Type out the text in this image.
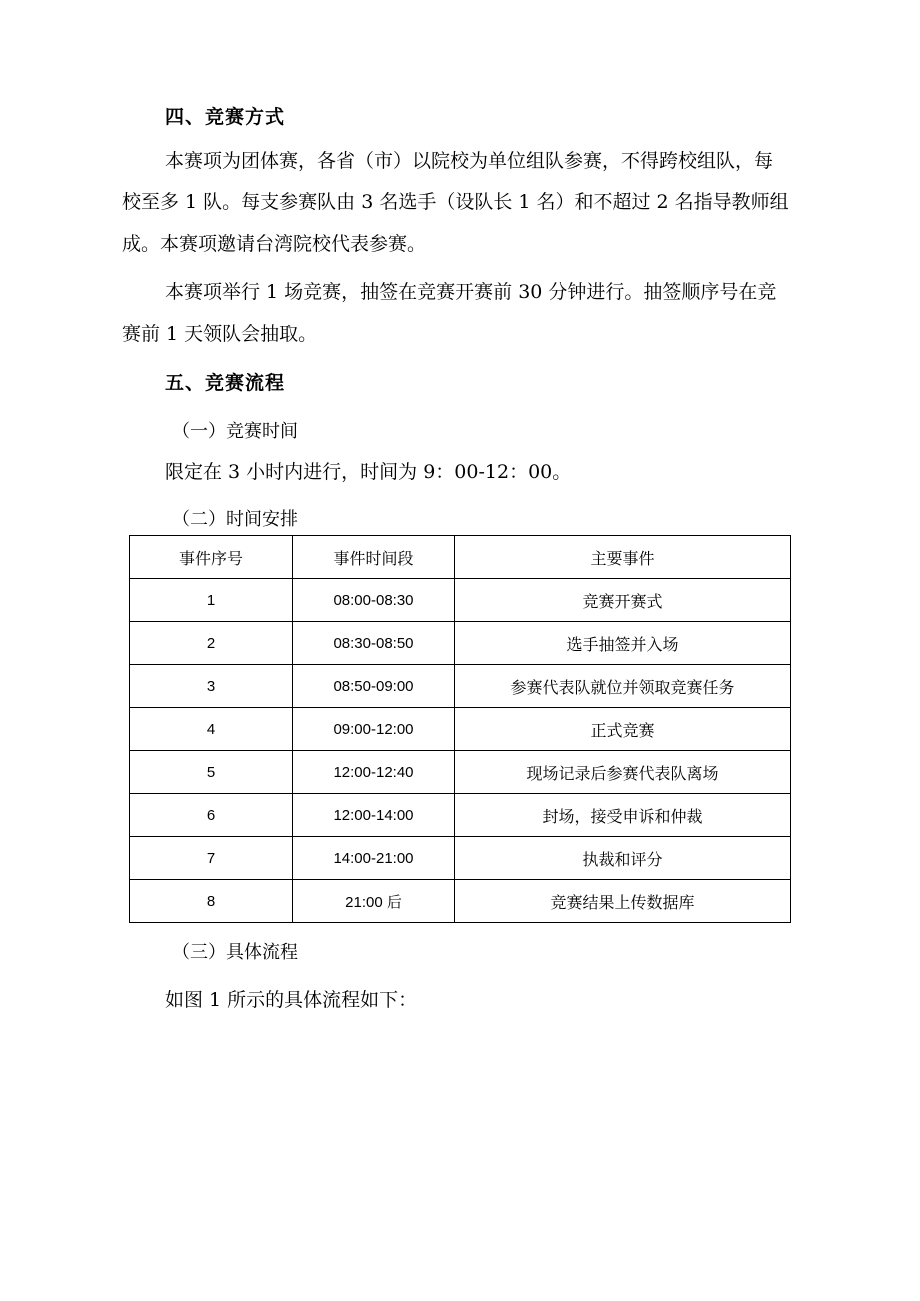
四、竞赛方式
本赛项为团体赛，各省（市）以院校为单位组队参赛，不得跨校组队，每
校至多 1 队。每支参赛队由 3 名选手（设队长 1 名）和不超过 2 名指导教师组
成。本赛项邀请台湾院校代表参赛。
本赛项举行 1 场竞赛，抽签在竞赛开赛前 30 分钟进行。抽签顺序号在竞
赛前 1 天领队会抽取。
五、竞赛流程
（一）竞赛时间
限定在 3 小时内进行，时间为 9：00-12：00。
（二）时间安排
事件序号	事件时间段	主要事件
1	08:00-08:30	竞赛开赛式
2	08:30-08:50	选手抽签并入场
3	08:50-09:00	参赛代表队就位并领取竞赛任务
4	09:00-12:00	正式竞赛
5	12:00-12:40	现场记录后参赛代表队离场
6	12:00-14:00	封场，接受申诉和仲裁
7	14:00-21:00	执裁和评分
8	21:00 后	竞赛结果上传数据库
（三）具体流程
如图 1 所示的具体流程如下：
